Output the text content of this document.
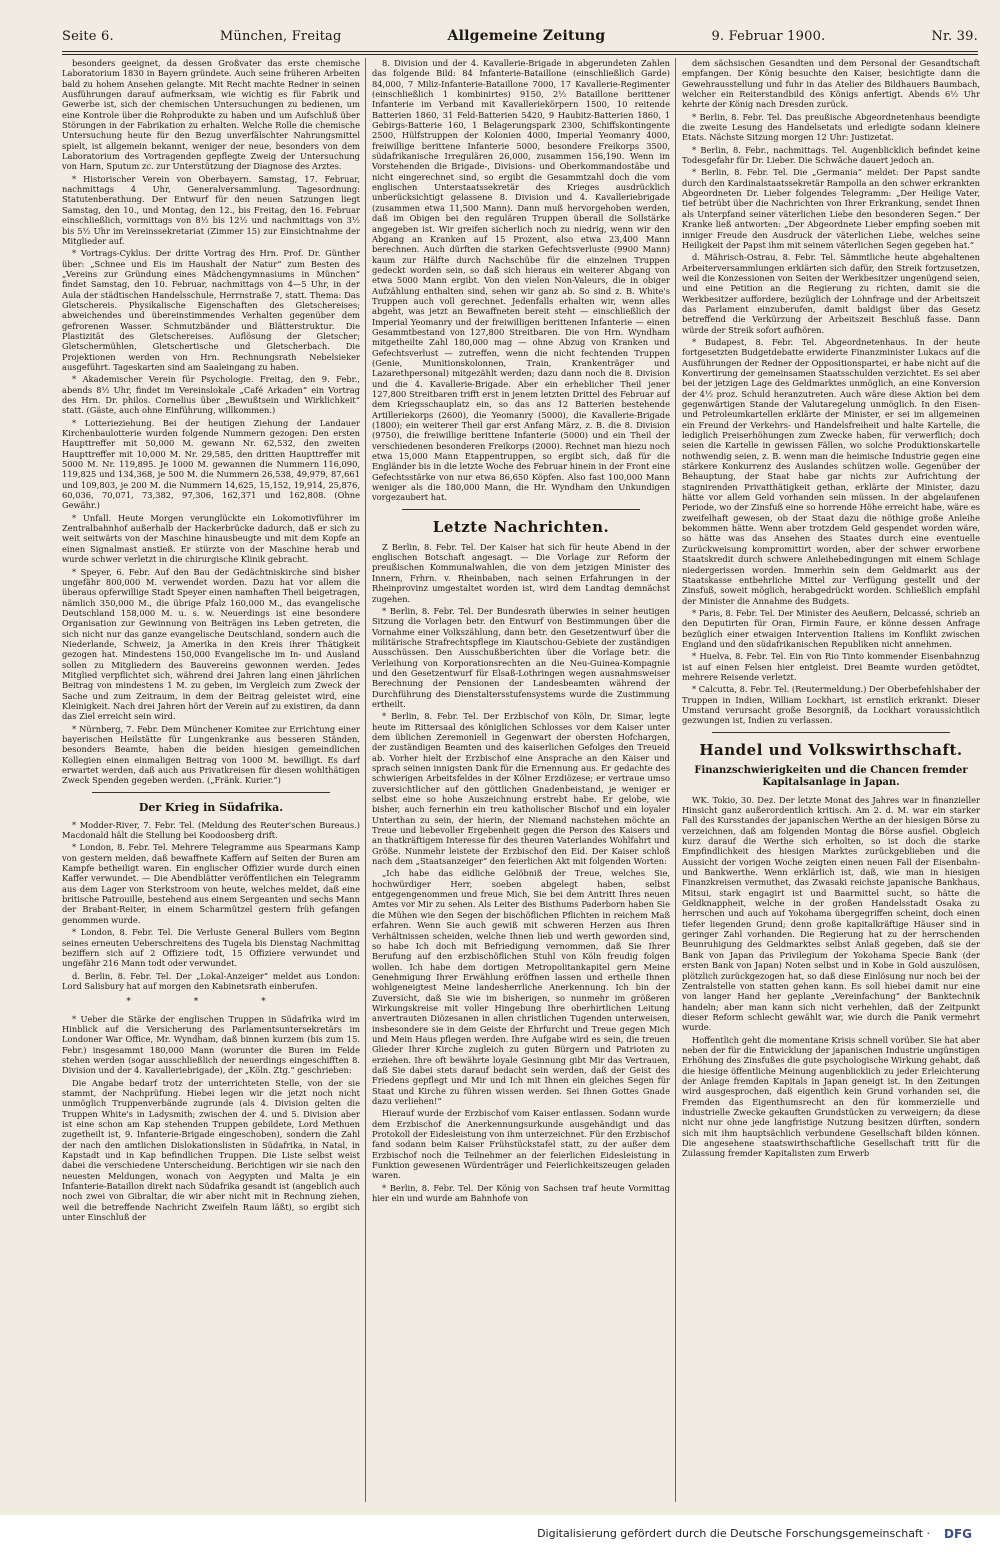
Seite 6.	München, Freitag	Allgemeine Zeitung	9. Februar 1900.	Nr. 39.

besonders geeignet, da dessen Großvater das erste chemische Laboratorium 1830 in Bayern gründete. Auch seine früheren Arbeiten bald zu hohem Ansehen gelangte. Mit Recht machte Redner in seinen Ausführungen darauf aufmerksam, wie wichtig es für Fabrik und Gewerbe ist, sich der chemischen Untersuchungen zu bedienen, um eine Kontrole über die Rohprodukte zu haben und um Aufschluß über Störungen in der Fabrikation zu erhalten. Welche Rolle die chemische Untersuchung heute für den Bezug unverfälschter Nahrungsmittel spielt, ist allgemein bekannt, weniger der neue, besonders von dem Laboratorium des Vortragenden gepflegte Zweig der Untersuchung von Harn, Sputum zc. zur Unterstützung der Diagnose des Arztes.

* Historischer Verein von Oberbayern. Samstag, 17. Februar, nachmittags 4 Uhr, Generalversammlung. Tagesordnung: Statutenberathung. Der Entwurf für den neuen Satzungen liegt Samstag, den 10., und Montag, den 12., bis Freitag, den 16. Februar einschließlich, vormittags von 8½ bis 12½ und nachmittags von 3½ bis 5½ Uhr im Vereinssekretariat (Zimmer 15) zur Einsichtnahme der Mitglieder auf.

* Vortrags-Cyklus. Der dritte Vortrag des Hrn. Prof. Dr. Günther über: „Schnee und Eis im Haushalt der Natur“ zum Besten des „Vereins zur Gründung eines Mädchengymnasiums in München“ findet Samstag, den 10. Februar, nachmittags von 4—5 Uhr, in der Aula der städtischen Handelsschule, Herrnstraße 7, statt. Thema: Das Gletschereis. Physikalische Eigenschaften des Gletschereises; abweichendes und übereinstimmendes Verhalten gegenüber dem gefrorenen Wasser. Schmutzbänder und Blätterstruktur. Die Plastizität des Gletschereises. Auflösung der Gletscher; Gletschermühlen, Gletschertische und Gletscherbach. Die Projektionen werden von Hrn. Rechnungsrath Nebelsieker ausgeführt. Tageskarten sind am Saaleingang zu haben.

* Akademischer Verein für Psychologie. Freitag, den 9. Febr., abends 8½ Uhr, findet im Vereinslokale „Café Arkaden“ ein Vortrag des Hrn. Dr. philos. Cornelius über „Bewußtsein und Wirklichkeit“ statt. (Gäste, auch ohne Einführung, willkommen.)

* Lotterieziehung. Bei der heutigen Ziehung der Landauer Kirchenbaulotterie wurden folgende Nummern gezogen: Den ersten Haupttreffer mit 50,000 M. gewann Nr. 62,532, den zweiten Haupttreffer mit 10,000 M. Nr. 29,585, den dritten Haupttreffer mit 5000 M. Nr. 119,895. Je 1000 M. gewannen die Nummern 116,090, 119,825 und 134,368, je 500 M. die Nummern 26,538, 49,979, 87,661 und 109,803, je 200 M. die Nummern 14,625, 15,152, 19,914, 25,876, 60,036, 70,071, 73,382, 97,306, 162,371 und 162,808. (Ohne Gewähr.)

* Unfall. Heute Morgen verunglückte ein Lokomotivführer im Zentralbahnhof außerhalb der Hackerbrücke dadurch, daß er sich zu weit seitwärts von der Maschine hinausbeugte und mit dem Kopfe an einen Signalmast anstieß. Er stürzte von der Maschine herab und wurde schwer verletzt in die chirurgische Klinik gebracht.

* Speyer, 6. Febr. Auf den Bau der Gedächtniskirche sind bisher ungefähr 800,000 M. verwendet worden. Dazu hat vor allem die überaus opferwillige Stadt Speyer einen namhaften Theil beigetragen, nämlich 350,000 M., die übrige Pfalz 160,000 M., das evangelische Deutschland 158,000 M. u. s. w. Neuerdings ist eine besondere Organisation zur Gewinnung von Beiträgen ins Leben getreten, die sich nicht nur das ganze evangelische Deutschland, sondern auch die Niederlande, Schweiz, ja Amerika in den Kreis ihrer Thätigkeit gezogen hat. Mindestens 150,000 Evangelische im In- und Ausland sollen zu Mitgliedern des Bauvereins gewonnen werden. Jedes Mitglied verpflichtet sich, während drei Jahren lang einen jährlichen Beitrag von mindestens 1 M. zu geben, im Vergleich zum Zweck der Sache und zum Zeitraum, in dem der Beitrag geleistet wird, eine Kleinigkeit. Nach drei Jahren hört der Verein auf zu existiren, da dann das Ziel erreicht sein wird.

* Nürnberg, 7. Febr. Dem Münchener Komitee zur Errichtung einer bayerischen Heilstätte für Lungenkranke aus besseren Ständen, besonders Beamte, haben die beiden hiesigen gemeindlichen Kollegien einen einmaligen Beitrag von 1000 M. bewilligt. Es darf erwartet werden, daß auch aus Privatkreisen für diesen wohlthätigen Zweck Spenden gegeben werden. („Fränk. Kurier.“)

Der Krieg in Südafrika.

* Modder-River, 7. Febr. Tel. (Meldung des Reuter'schen Bureaus.) Macdonald hält die Stellung bei Koodoosberg drift.

* London, 8. Febr. Tel. Mehrere Telegramme aus Spearmans Kamp von gestern melden, daß bewaffnete Kaffern auf Seiten der Buren am Kampfe betheiligt waren. Ein englischer Offizier wurde durch einen Kaffer verwundet. — Die Abendblätter veröffentlichen ein Telegramm aus dem Lager von Sterkstroom von heute, welches meldet, daß eine britische Patrouille, bestehend aus einem Sergeanten und sechs Mann der Brabant-Reiter, in einem Scharmützel gestern früh gefangen genommen wurde.

* London, 8. Febr. Tel. Die Verluste General Bullers vom Beginn seines erneuten Ueberschreitens des Tugela bis Dienstag Nachmittag beziffern sich auf 2 Offiziere todt, 15 Offiziere verwundet und ungefähr 216 Mann todt oder verwundet.

d. Berlin, 8. Febr. Tel. Der „Lokal-Anzeiger“ meldet aus London: Lord Salisbury hat auf morgen den Kabinetsrath einberufen.

* * *

* Ueber die Stärke der englischen Truppen in Südafrika wird im Hinblick auf die Versicherung des Parlamentsuntersekretärs im Londoner War Office, Mr. Wyndham, daß binnen kurzem (bis zum 15. Febr.) insgesammt 180,000 Mann (worunter die Buren im Felde stehen werden (sogar ausschließlich der neuerdings eingeschifften 8. Division und der 4. Kavalleriebrigade), der „Köln. Ztg.“ geschrieben:

Die Angabe bedarf trotz der unterrichteten Stelle, von der sie stammt, der Nachprüfung. Hiebei legen wir die jetzt noch nicht unmöglich Truppenverbände zugrunde (als 4. Division gelten die Truppen White's in Ladysmith; zwischen der 4. und 5. Division aber ist eine schon am Kap stehenden Truppen gebildete, Lord Methuen zugetheilt ist, 9. Infanterie-Brigade eingeschoben), sondern die Zahl der nach den amtlichen Dislokationslisten in Südafrika, in Natal, in Kapstadt und in Kap befindlichen Truppen. Die Liste selbst weist dabei die verschiedene Unterscheidung. Berichtigen wir sie nach den neuesten Meldungen, wonach von Aegypten und Malta je ein Infanterie-Bataillon direkt nach Südafrika gesandt ist (angeblich auch noch zwei von Gibraltar, die wir aber nicht mit in Rechnung ziehen, weil die betreffende Nachricht Zweifeln Raum läßt), so ergibt sich unter Einschluß der

8. Division und der 4. Kavallerie-Brigade in abgerundeten Zahlen das folgende Bild: 84 Infanterie-Bataillone (einschließlich Garde) 84,000, 7 Miliz-Infanterie-Bataillone 7000, 17 Kavallerie-Regimenter (einschließlich 1 kombinirtes) 9150, 2½ Bataillone berittener Infanterie im Verband mit Kavalleriekörpern 1500, 10 reitende Batterien 1860, 31 Feld-Batterien 5420, 9 Haubitz-Batterien 1860, 1 Gebirgs-Batterie 160, 1 Belagerungspark 2300, Schiffskontingente 2500, Hülfstruppen der Kolonien 4000, Imperial Yeomanry 4000, freiwillige berittene Infanterie 5000, besondere Freikorps 3500, südafrikanische Irregulären 26,000, zusammen 156,190. Wenn im Vorstehenden die Brigade-, Divisions- und Oberkommandostäbe und nicht eingerechnet sind, so ergibt die Gesammtzahl doch die vom englischen Unterstaatssekretär des Krieges ausdrücklich unberücksichtigt gelassene 8. Division und 4. Kavalleriebrigade (zusammen etwa 11,500 Mann). Dann muß hervorgehoben werden, daß im Obigen bei den regulären Truppen überall die Sollstärke angegeben ist. Wir greifen sicherlich noch zu niedrig, wenn wir den Abgang an Kranken auf 15 Prozent, also etwa 23,400 Mann berechnen. Auch dürften die starken Gefechtsverluste (9900 Mann) kaum zur Hälfte durch Nachschübe für die einzelnen Truppen gedeckt worden sein, so daß sich hieraus ein weiterer Abgang von etwa 5000 Mann ergibt. Von den vielen Non-Valeurs, die in obiger Aufzählung enthalten sind, sehen wir ganz ab. So sind z. B. White's Truppen auch voll gerechnet. Jedenfalls erhalten wir, wenn alles abgeht, was jetzt an Bewaffneten bereit steht — einschließlich der Imperial Yeomanry und der freiwilligen berittenen Infanterie — einen Gesammtbestand von 127,800 Streitbaren. Die von Hrn. Wyndham mitgetheilte Zahl 180,000 mag — ohne Abzug von Kranken und Gefechtsverlust — zutreffen, wenn die nicht fechtenden Truppen (Genie, Munitionskolonnen, Train, Krankenträger und Lazarethpersonal) mitgezählt werden; dazu dann noch die 8. Division und die 4. Kavallerie-Brigade. Aber ein erheblicher Theil jener 127,800 Streitbaren trifft erst in jenem letzten Drittel des Februar auf dem Kriegsschauplatz ein, so das ans 12 Batterien bestehende Artilleriekorps (2600), die Yeomanry (5000), die Kavallerie-Brigade (1800); ein weiterer Theil gar erst Anfang März, z. B. die 8. Division (9750), die freiwillige berittene Infanterie (5000) und ein Theil der verschiedenen besonderen Freikorps (2000). Rechnet man hiezu noch etwa 15,000 Mann Etappentruppen, so ergibt sich, daß für die Engländer bis in die letzte Woche des Februar hinein in der Front eine Gefechtsstärke von nur etwa 86,650 Köpfen. Also fast 100,000 Mann weniger als die 180,000 Mann, die Hr. Wyndham den Unkundigen vorgezaubert hat.

Letzte Nachrichten.

Z Berlin, 8. Febr. Tel. Der Kaiser hat sich für heute Abend in der englischen Botschaft angesagt. — Die Vorlage zur Reform der preußischen Kommunalwahlen, die von dem jetzigen Minister des Innern, Frhrn. v. Rheinbaben, nach seinen Erfahrungen in der Rheinprovinz umgestaltet worden ist, wird dem Landtag demnächst zugehen.

* Berlin, 8. Febr. Tel. Der Bundesrath überwies in seiner heutigen Sitzung die Vorlagen betr. den Entwurf von Bestimmungen über die Vornahme einer Volkszählung, dann betr. den Gesetzentwurf über die militärische Strafrechtspflege im Kiautschou-Gebiete der zuständigen Ausschüssen. Den Ausschußberichten über die Vorlage betr. die Verleihung von Korporationsrechten an die Neu-Guinea-Kompagnie und den Gesetzentwurf für Elsaß-Lothringen wegen ausnahmsweiser Berechnung der Pensionen der Landesbeamten während der Durchführung des Dienstaltersstufensystems wurde die Zustimmung ertheilt.

* Berlin, 8. Febr. Tel. Der Erzbischof von Köln, Dr. Simar, legte heute im Rittersaal des königlichen Schlosses vor dem Kaiser unter dem üblichen Zeremoniell in Gegenwart der obersten Hofchargen, der zuständigen Beamten und des kaiserlichen Gefolges den Treueid ab. Vorher hielt der Erzbischof eine Ansprache an den Kaiser und sprach seinen innigsten Dank für die Ernennung aus. Er gedachte des schwierigen Arbeitsfeldes in der Kölner Erzdiözese; er vertraue umso zuversichtlicher auf den göttlichen Gnadenbeistand, je weniger er selbst eine so hohe Auszeichnung erstrebt habe. Er gelobe, wie bisher, auch fernerhin ein treu katholischer Bischof und ein loyaler Unterthan zu sein, der hierin, der Niemand nachstehen möchte an Treue und liebevoller Ergebenheit gegen die Person des Kaisers und an thatkräftigem Interesse für des theuren Vaterlandes Wohlfahrt und Größe. Nunmehr leistete der Erzbischof den Eid. Der Kaiser schloß nach dem „Staatsanzeiger“ den feierlichen Akt mit folgenden Worten:

„Ich habe das eidliche Gelöbniß der Treue, welches Sie, hochwürdiger Herr, soeben abgelegt haben, selbst entgegengenommen und freue Mich, Sie bei dem Antritt Ihres neuen Amtes vor Mir zu sehen. Als Leiter des Bisthums Paderborn haben Sie die Mühen wie den Segen der bischöflichen Pflichten in reichem Maß erfahren. Wenn Sie auch gewiß mit schweren Herzen aus Ihren Verhältnissen scheiden, welche Ihnen lieb und werth geworden sind, so habe Ich doch mit Befriedigung vernommen, daß Sie Ihrer Berufung auf den erzbischöflichen Stuhl von Köln freudig folgen wollen. Ich habe dem dortigen Metropolitankapitel gern Meine Genehmigung Ihrer Erwählung eröffnen lassen und ertheile Ihnen wohlgeneigtest Meine landesherrliche Anerkennung. Ich bin der Zuversicht, daß Sie wie im bisherigen, so nunmehr im größeren Wirkungskreise mit voller Hingebung Ihre oberhirtlichen Leitung anvertrauten Diözesanen in allen christlichen Tugenden unterweisen, insbesondere sie in dem Geiste der Ehrfurcht und Treue gegen Mich und Mein Haus pflegen werden. Ihre Aufgabe wird es sein, die treuen Glieder Ihrer Kirche zugleich zu guten Bürgern und Patrioten zu erziehen. Ihre oft bewährte loyale Gesinnung gibt Mir das Vertrauen, daß Sie dabei stets darauf bedacht sein werden, daß der Geist des Friedens gepflegt und Mir und Ich mit Ihnen ein gleiches Segen für Staat und Kirche zu führen wissen werden. Sei Ihnen Gottes Gnade dazu verliehen!“

Hierauf wurde der Erzbischof vom Kaiser entlassen. Sodann wurde dem Erzbischof die Anerkennungsurkunde ausgehändigt und das Protokoll der Eidesleistung von ihm unterzeichnet. Für den Erzbischof fand sodann beim Kaiser Frühstückstafel statt, zu der außer dem Erzbischof noch die Teilnehmer an der feierlichen Eidesleistung in Funktion gewesenen Würdenträger und Feierlichkeitszeugen geladen waren.

* Berlin, 8. Febr. Tel. Der König von Sachsen traf heute Vormittag hier ein und wurde am Bahnhofe von

dem sächsischen Gesandten und dem Personal der Gesandtschaft empfangen. Der König besuchte den Kaiser, besichtigte dann die Gewehrausstellung und fuhr in das Atelier des Bildhauers Baumbach, welcher ein Reiterstandbild des Königs anfertigt. Abends 6½ Uhr kehrte der König nach Dresden zurück.

* Berlin, 8. Febr. Tel. Das preußische Abgeordnetenhaus beendigte die zweite Lesung des Handelsetats und erledigte sodann kleinere Etats. Nächste Sitzung morgen 12 Uhr: Justizetat.

* Berlin, 8. Febr., nachmittags. Tel. Augenblicklich befindet keine Todesgefahr für Dr. Lieber. Die Schwäche dauert jedoch an.

* Berlin, 8. Febr. Tel. Die „Germania“ meldet: Der Papst sandte durch den Kardinalstaatssekretär Rampolla an den schwer erkrankten Abgeordneten Dr. Lieber folgendes Telegramm: „Der Heilige Vater, tief betrübt über die Nachrichten von Ihrer Erkrankung, sendet Ihnen als Unterpfand seiner väterlichen Liebe den besonderen Segen.“ Der Kranke ließ antworten: „Der Abgeordnete Lieber empfing soeben mit inniger Freude den Ausdruck der väterlichen Liebe, welches seine Heiligkeit der Papst ihm mit seinem väterlichen Segen gegeben hat.“

d. Mährisch-Ostrau, 8. Febr. Tel. Sämmtliche heute abgehaltenen Arbeiterversammlungen erklärten sich dafür, den Streik fortzusetzen, weil die Konzessionen von Seiten der Werkbesitzer ungenügend seien, und eine Petition an die Regierung zu richten, damit sie die Werkbesitzer auffordere, bezüglich der Lohnfrage und der Arbeitszeit das Parlament einzuberufen, damit baldigst über das Gesetz betreffend die Verkürzung der Arbeitszeit Beschluß fasse. Dann würde der Streik sofort aufhören.

* Budapest, 8. Febr. Tel. Abgeordnetenhaus. In der heute fortgesetzten Budgetdebatte erwiderte Finanzminister Lukacs auf die Ausführungen der Redner der Oppositionspartei, er habe nicht auf die Konvertirung der gemeinsamen Staatsschulden verzichtet. Es sei aber bei der jetzigen Lage des Geldmarktes unmöglich, an eine Konversion der 4½ proz. Schuld heranzutreten. Auch wäre diese Aktion bei dem gegenwärtigen Stande der Valutaregelung unmöglich. In den Eisen- und Petroleumkartellen erklärte der Minister, er sei im allgemeinen ein Freund der Verkehrs- und Handelsfreiheit und halte Kartelle, die lediglich Preiserhöhungen zum Zwecke haben, für verwerflich; doch seien die Kartelle in gewissen Fällen, wo solche Produktionskartelle nothwendig seien, z. B. wenn man die heimische Industrie gegen eine stärkere Konkurrenz des Auslandes schützen wolle. Gegenüber der Behauptung, der Staat habe gar nichts zur Aufrichtung der stagnirenden Privatthätigkeit gethan, erklärte der Minister, dazu hätte vor allem Geld vorhanden sein müssen. In der abgelaufenen Periode, wo der Zinsfuß eine so horrende Höhe erreicht habe, wäre es zweifelhaft gewesen, ob der Staat dazu die nöthige große Anleihe bekommen hätte. Wenn aber trotzdem Geld gespendet worden wäre, so hätte was das Ansehen des Staates durch eine eventuelle Zurückweisung kompromittirt worden, aber der schwer erworbene Staatskredit durch schwere Anleihebedingungen mit einem Schlage niedergerissen worden. Immerhin sein dem Geldmarkt aus der Staatskasse entbehrliche Mittel zur Verfügung gestellt und der Zinsfuß, soweit möglich, herabgedrückt worden. Schließlich empfahl der Minister die Annahme des Budgets.

* Paris, 8. Febr. Tel. Der Minister des Aeußern, Delcassé, schrieb an den Deputirten für Oran, Firmin Faure, er könne dessen Anfrage bezüglich einer etwaigen Intervention Italiens im Konflikt zwischen England und den südafrikanischen Republiken nicht annehmen.

* Huelva, 8. Febr. Tel. Ein von Rio Tinto kommender Eisenbahnzug ist auf einen Felsen hier entgleist. Drei Beamte wurden getödtet, mehrere Reisende verletzt.

* Calcutta, 8. Febr. Tel. (Reutermeldung.) Der Oberbefehlshaber der Truppen in Indien, William Lockhart, ist ernstlich erkrankt. Dieser Umstand verursacht große Besorgniß, da Lockhart voraussichtlich gezwungen ist, Indien zu verlassen.

Handel und Volkswirthschaft.
Finanzschwierigkeiten und die Chancen fremder Kapitalsanlage in Japan.

WK. Tokio, 30. Dez. Der letzte Monat des Jahres war in finanzieller Hinsicht ganz außerordentlich kritisch. Am 2. d. M. war ein starker Fall des Kursstandes der japanischen Werthe an der hiesigen Börse zu verzeichnen, daß am folgenden Montag die Börse ausfiel. Obgleich kurz darauf die Werthe sich erholten, so ist doch die starke Empfindlichkeit des hiesigen Marktes zurückgeblieben und die Aussicht der vorigen Woche zeigten einen neuen Fall der Eisenbahn- und Bankwerthe. Wenn erklärlich ist, daß, wie man in hiesigen Finanzkreisen vermuthet, das Zwasaki reichste japanische Bankhaus, Mitsui, stark engagirt ist und Baarmittel sucht, so hätte die Geldknappheit, welche in der großen Handelsstadt Osaka zu herrschen und auch auf Yokohama übergegriffen scheint, doch einen tiefer liegenden Grund; denn große kapitalkräftige Häuser sind in geringer Zahl vorhanden. Die Regierung hat zu der herrschenden Beunruhigung des Geldmarktes selbst Anlaß gegeben, daß sie der Bank von Japan das Privilegium der Yokohama Specie Bank (der ersten Bank von Japan) Noten selbst und in Kobe in Gold auszulösen, plötzlich zurückgezogen hat, so daß diese Einlösung nur noch bei der Zentralstelle von statten gehen kann. Es soll hiebei damit nur eine von langer Hand her geplante „Vereinfachung“ der Banktechnik handeln; aber man kann sich nicht verhehlen, daß der Zeitpunkt dieser Reform schlecht gewählt war, wie durch die Panik vermehrt wurde.

Hoffentlich geht die momentane Krisis schnell vorüber. Sie hat aber neben der für die Entwicklung der japanischen Industrie ungünstigen Erhöhung des Zinsfußes die gute psychologische Wirkung gehabt, daß die hiesige öffentliche Meinung augenblicklich zu jeder Erleichterung der Anlage fremden Kapitals in Japan geneigt ist. In den Zeitungen wird ausgesprochen, daß eigentlich kein Grund vorhanden sei, die Fremden das Eigenthumsrecht an den für kommerzielle und industrielle Zwecke gekauften Grundstücken zu verweigern; da diese nicht nur ohne jede langfristige Nutzung besitzen dürften, sondern sich mit ihm hauptsächlich verbundene Gesellschaft bilden können. Die angesehene staatswirthschaftliche Gesellschaft tritt für die Zulassung fremder Kapitalisten zum Erwerb

Digitalisierung gefördert durch die Deutsche Forschungsgemeinschaft ·	DFG
